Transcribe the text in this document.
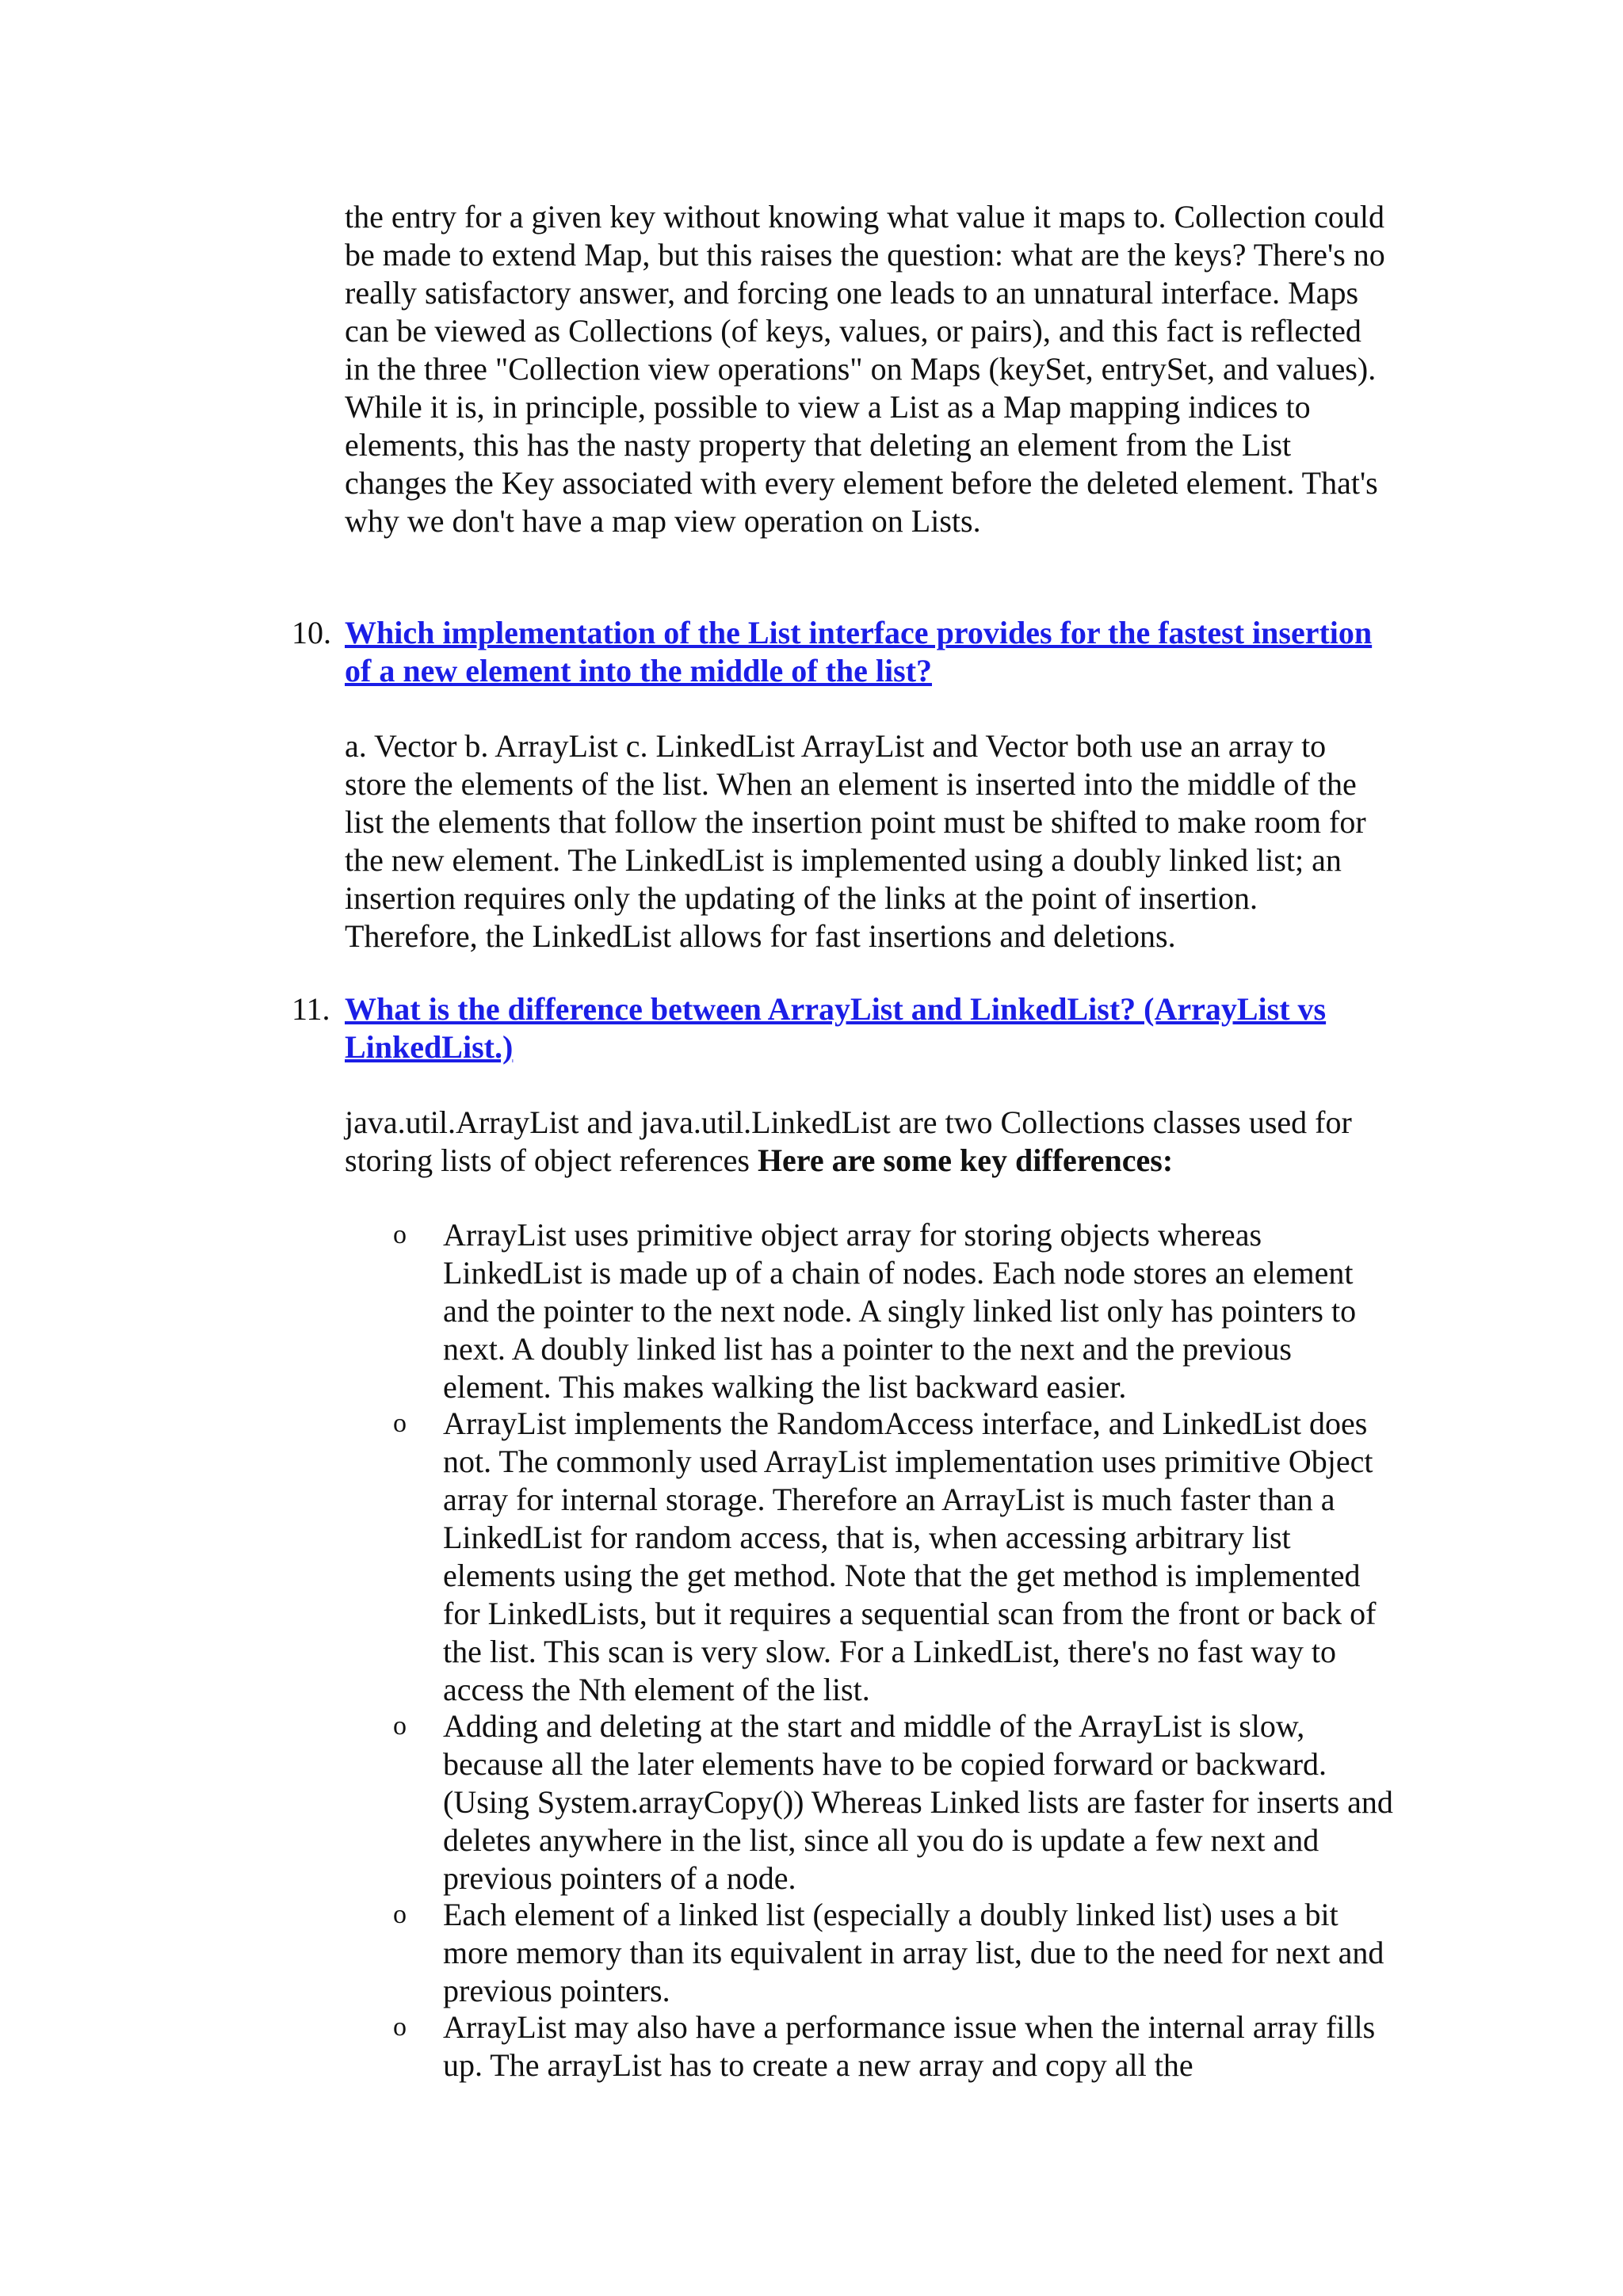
the entry for a given key without knowing what value it maps to. Collection could be made to extend Map, but this raises the question: what are the keys? There's no really satisfactory answer, and forcing one leads to an unnatural interface. Maps can be viewed as Collections (of keys, values, or pairs), and this fact is reflected in the three "Collection view operations" on Maps (keySet, entrySet, and values). While it is, in principle, possible to view a List as a Map mapping indices to elements, this has the nasty property that deleting an element from the List changes the Key associated with every element before the deleted element. That's why we don't have a map view operation on Lists.

10. Which implementation of the List interface provides for the fastest insertion of a new element into the middle of the list?

a. Vector b. ArrayList c. LinkedList ArrayList and Vector both use an array to store the elements of the list. When an element is inserted into the middle of the list the elements that follow the insertion point must be shifted to make room for the new element. The LinkedList is implemented using a doubly linked list; an insertion requires only the updating of the links at the point of insertion. Therefore, the LinkedList allows for fast insertions and deletions.

11. What is the difference between ArrayList and LinkedList? (ArrayList vs LinkedList.)

java.util.ArrayList and java.util.LinkedList are two Collections classes used for storing lists of object references Here are some key differences:

o ArrayList uses primitive object array for storing objects whereas LinkedList is made up of a chain of nodes. Each node stores an element and the pointer to the next node. A singly linked list only has pointers to next. A doubly linked list has a pointer to the next and the previous element. This makes walking the list backward easier.

o ArrayList implements the RandomAccess interface, and LinkedList does not. The commonly used ArrayList implementation uses primitive Object array for internal storage. Therefore an ArrayList is much faster than a LinkedList for random access, that is, when accessing arbitrary list elements using the get method. Note that the get method is implemented for LinkedLists, but it requires a sequential scan from the front or back of the list. This scan is very slow. For a LinkedList, there's no fast way to access the Nth element of the list.

o Adding and deleting at the start and middle of the ArrayList is slow, because all the later elements have to be copied forward or backward. (Using System.arrayCopy()) Whereas Linked lists are faster for inserts and deletes anywhere in the list, since all you do is update a few next and previous pointers of a node.

o Each element of a linked list (especially a doubly linked list) uses a bit more memory than its equivalent in array list, due to the need for next and previous pointers.

o ArrayList may also have a performance issue when the internal array fills up. The arrayList has to create a new array and copy all the
